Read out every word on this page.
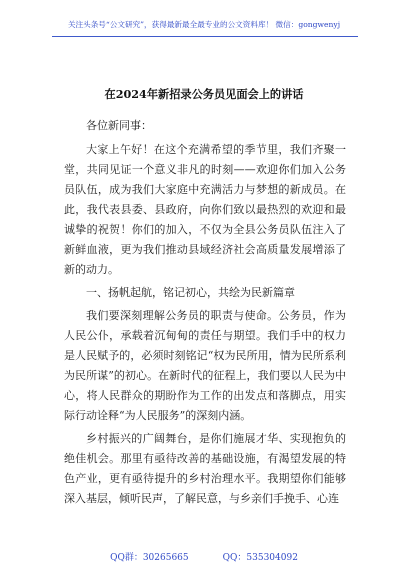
关注头条号“公文研究”，获得最新最全最专业的公文资料库！ 微信：gongwenyj
在2024年新招录公务员见面会上的讲话

各位新同事：

大家上午好！在这个充满希望的季节里，我们齐聚一堂，共同见证一个意义非凡的时刻——欢迎你们加入公务员队伍，成为我们大家庭中充满活力与梦想的新成员。在此，我代表县委、县政府，向你们致以最热烈的欢迎和最诚挚的祝贺！你们的加入，不仅为全县公务员队伍注入了新鲜血液，更为我们推动县域经济社会高质量发展增添了新的动力。

一、扬帆起航，铭记初心，共绘为民新篇章

我们要深刻理解公务员的职责与使命。公务员，作为人民公仆，承载着沉甸甸的责任与期望。我们手中的权力是人民赋予的，必须时刻铭记“权为民所用，情为民所系利为民所谋”的初心。在新时代的征程上，我们要以人民为中心，将人民群众的期盼作为工作的出发点和落脚点，用实际行动诠释“为人民服务”的深刻内涵。

乡村振兴的广阔舞台，是你们施展才华、实现抱负的绝佳机会。那里有亟待改善的基础设施，有渴望发展的特色产业，更有亟待提升的乡村治理水平。我期望你们能够深入基层，倾听民声，了解民意，与乡亲们手挽手、心连

QQ群：30265665	QQ：535304092
